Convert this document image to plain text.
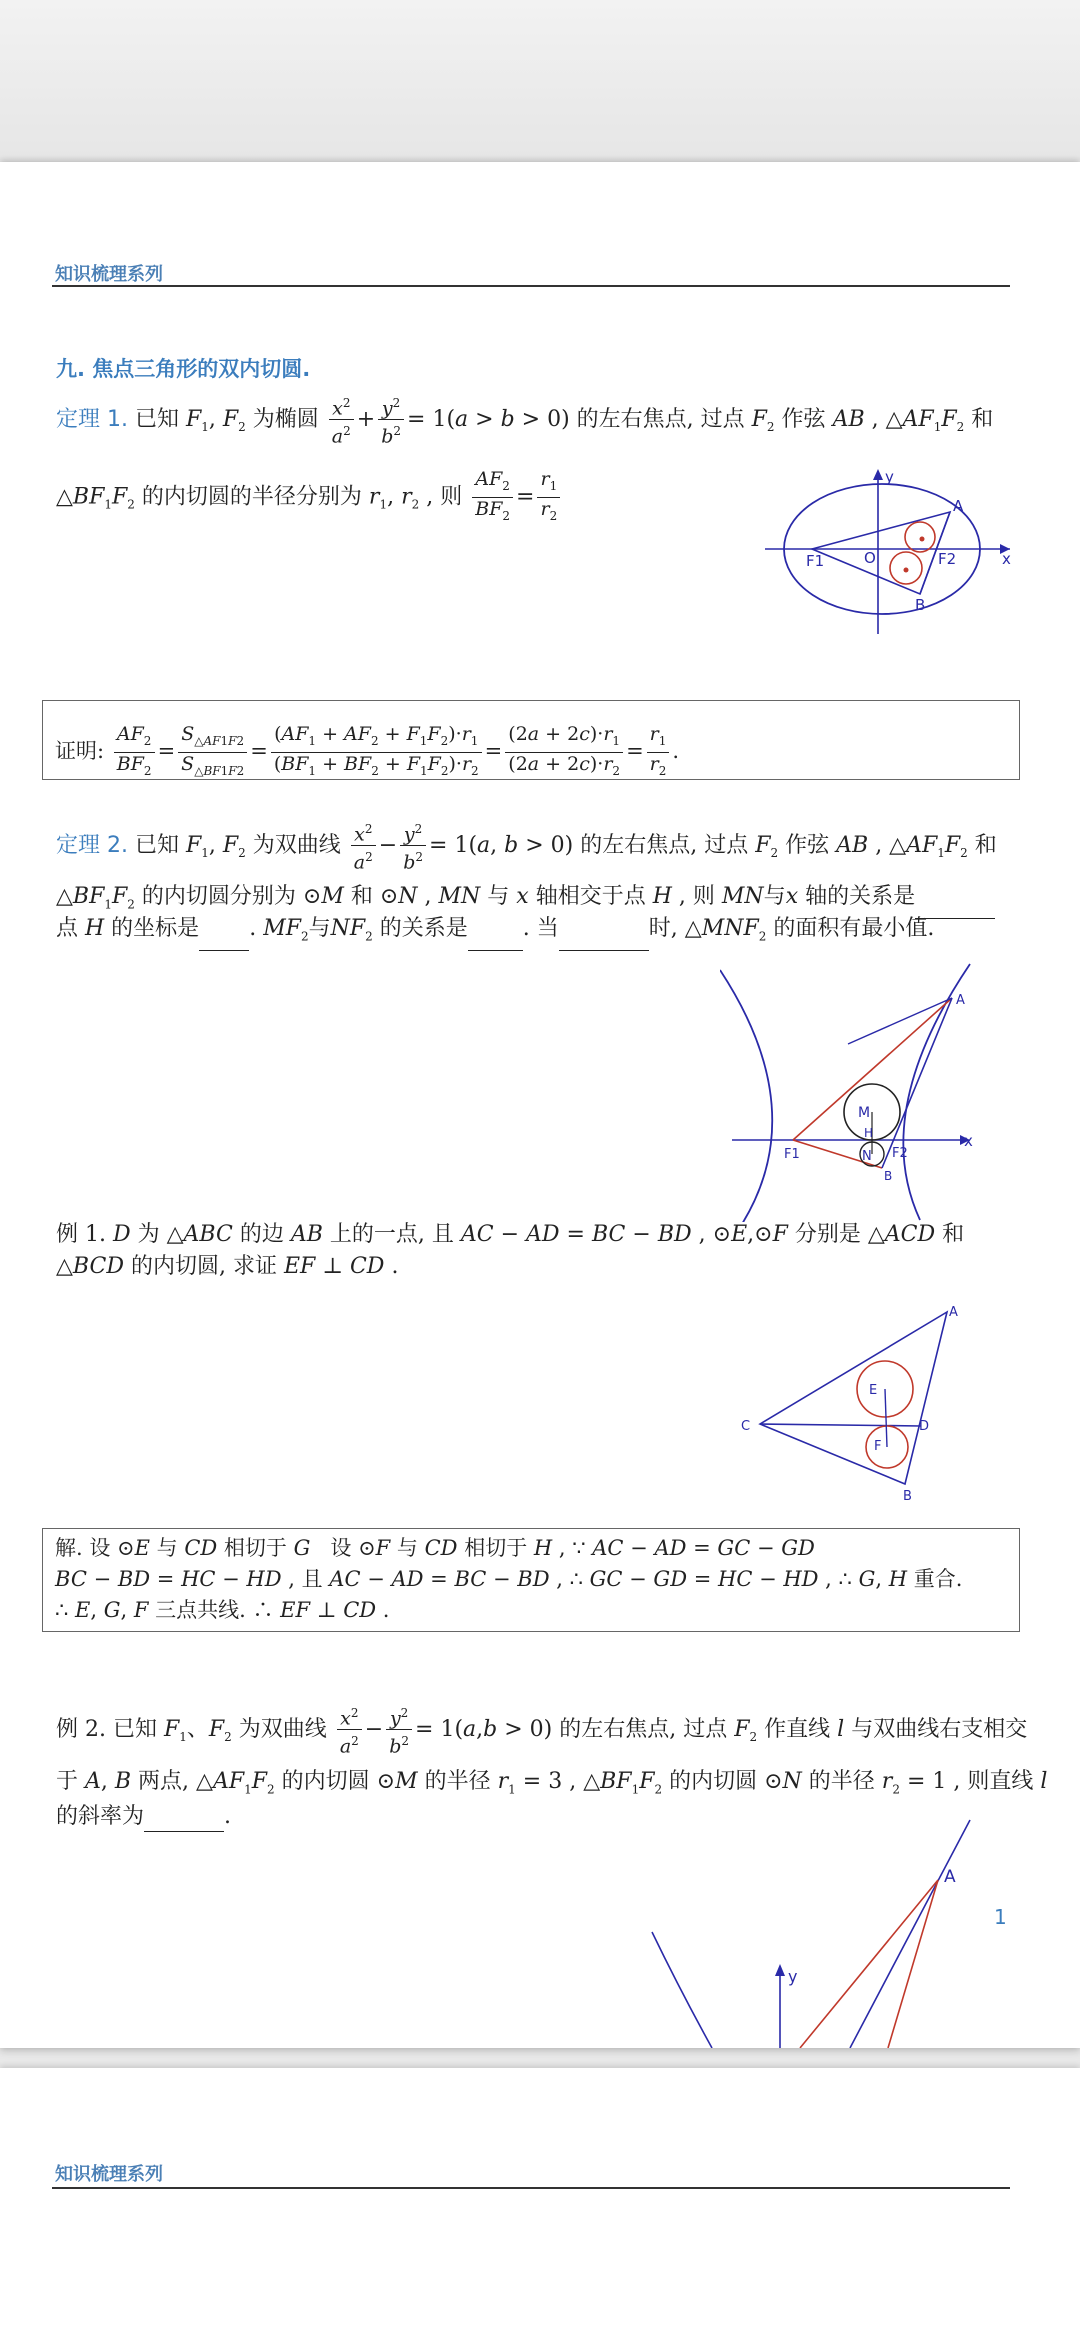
知识梳理系列
九. 焦点三角形的双内切圆.
定理 1. 已知 $F_1$, $F_2$ 为椭圆 $\frac{x^2}{a^2} + \frac{y^2}{b^2} = 1(a > b > 0)$ 的左右焦点, 过点 $F_2$ 作弦 AB , $\triangle AF_1F_2$ 和
$\triangle BF_1F_2$ 的内切圆的半径分别为 $r_1$, $r_2$ , 则 $\frac{AF_2}{BF_2} = \frac{r_1}{r_2}$	y
x
F1	O	F2
A
B
证明: $\frac{AF_2}{BF_2} = \frac{S_{\triangle AF1F2}}{S_{\triangle BF1F2}} = \frac{(AF_1 + AF_2 + F_1F_2)\cdot r_1}{(BF_1 + BF_2 + F_1F_2)\cdot r_2} = \frac{(2a + 2c)\cdot r_1}{(2a + 2c)\cdot r_2} = \frac{r_1}{r_2}$ .
定理 2. 已知 $F_1$, $F_2$ 为双曲线 $\frac{x^2}{a^2} - \frac{y^2}{b^2} = 1(a$, b > 0) 的左右焦点, 过点 $F_2$ 作弦 AB , $\triangle AF_1F_2$ 和
$\triangle BF_1F_2$ 的内切圆分别为 ⊙M 和 ⊙N , MN 与 x 轴相交于点 H , 则 MN与x 轴的关系是
点 H 的坐标是 . $MF_2$与$NF_2$ 的关系是	. 当	时, $\triangle MNF_2$ 的面积有最小值.
A
M
H
N
F1	F2
B
x
例 1. D 为 △ABC 的边 AB 上的一点, 且 AC − AD = BC − BD , ⊙E,⊙F 分别是 △ACD 和
△BCD 的内切圆, 求证 EF ⊥ CD .
A
C
E
D
F
B
解. 设 ⊙E 与 CD 相切于 G   设 ⊙F 与 CD 相切于 H , ∵ AC − AD = GC − GD
BC − BD = HC − HD , 且 AC − AD = BC − BD , ∴ GC − GD = HC − HD , ∴ G, H 重合.
∴ E, G, F 三点共线. ∴ EF ⊥ CD .
例 2. 已知 $F_1$、$F_2$ 为双曲线 $\frac{x^2}{a^2} - \frac{y^2}{b^2} = 1(a,b > 0)$ 的左右焦点, 过点 $F_2$ 作直线 l 与双曲线右支相交
于 A, B 两点, $\triangle AF_1F_2$ 的内切圆 ⊙M 的半径 $r_1 = 3$ , $\triangle BF_1F_2$ 的内切圆 ⊙N 的半径 $r_2 = 1$ , 则直线 l
的斜率为	.
A
y
1
知识梳理系列
